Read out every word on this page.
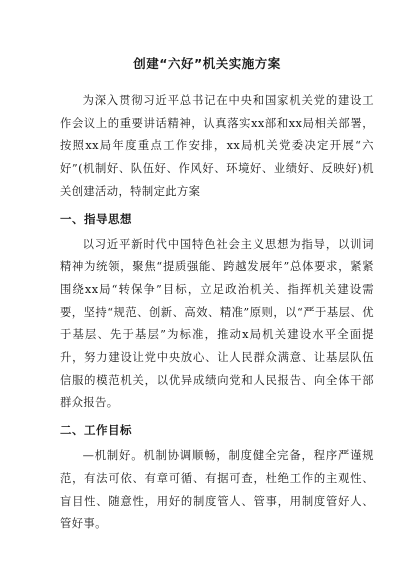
创建“六好”机关实施方案

为深入贯彻习近平总书记在中央和国家机关党的建设工作会议上的重要讲话精神，认真落实xx部和xx局相关部署，按照xx局年度重点工作安排，xx局机关党委决定开展“六好”(机制好、队伍好、作风好、环境好、业绩好、反映好)机关创建活动，特制定此方案

一、指导思想

以习近平新时代中国特色社会主义思想为指导，以训词精神为统领，聚焦“提质强能、跨越发展年”总体要求，紧紧围绕xx局“转保争”目标，立足政治机关、指挥机关建设需要，坚持“规范、创新、高效、精准”原则，以“严于基层、优于基层、先于基层”为标准，推动x局机关建设水平全面提升，努力建设让党中央放心、让人民群众满意、让基层队伍信服的模范机关，以优异成绩向党和人民报告、向全体干部群众报告。

二、工作目标

—机制好。机制协调顺畅，制度健全完备，程序严谨规范，有法可依、有章可循、有据可查，杜绝工作的主观性、盲目性、随意性，用好的制度管人、管事，用制度管好人、管好事。
